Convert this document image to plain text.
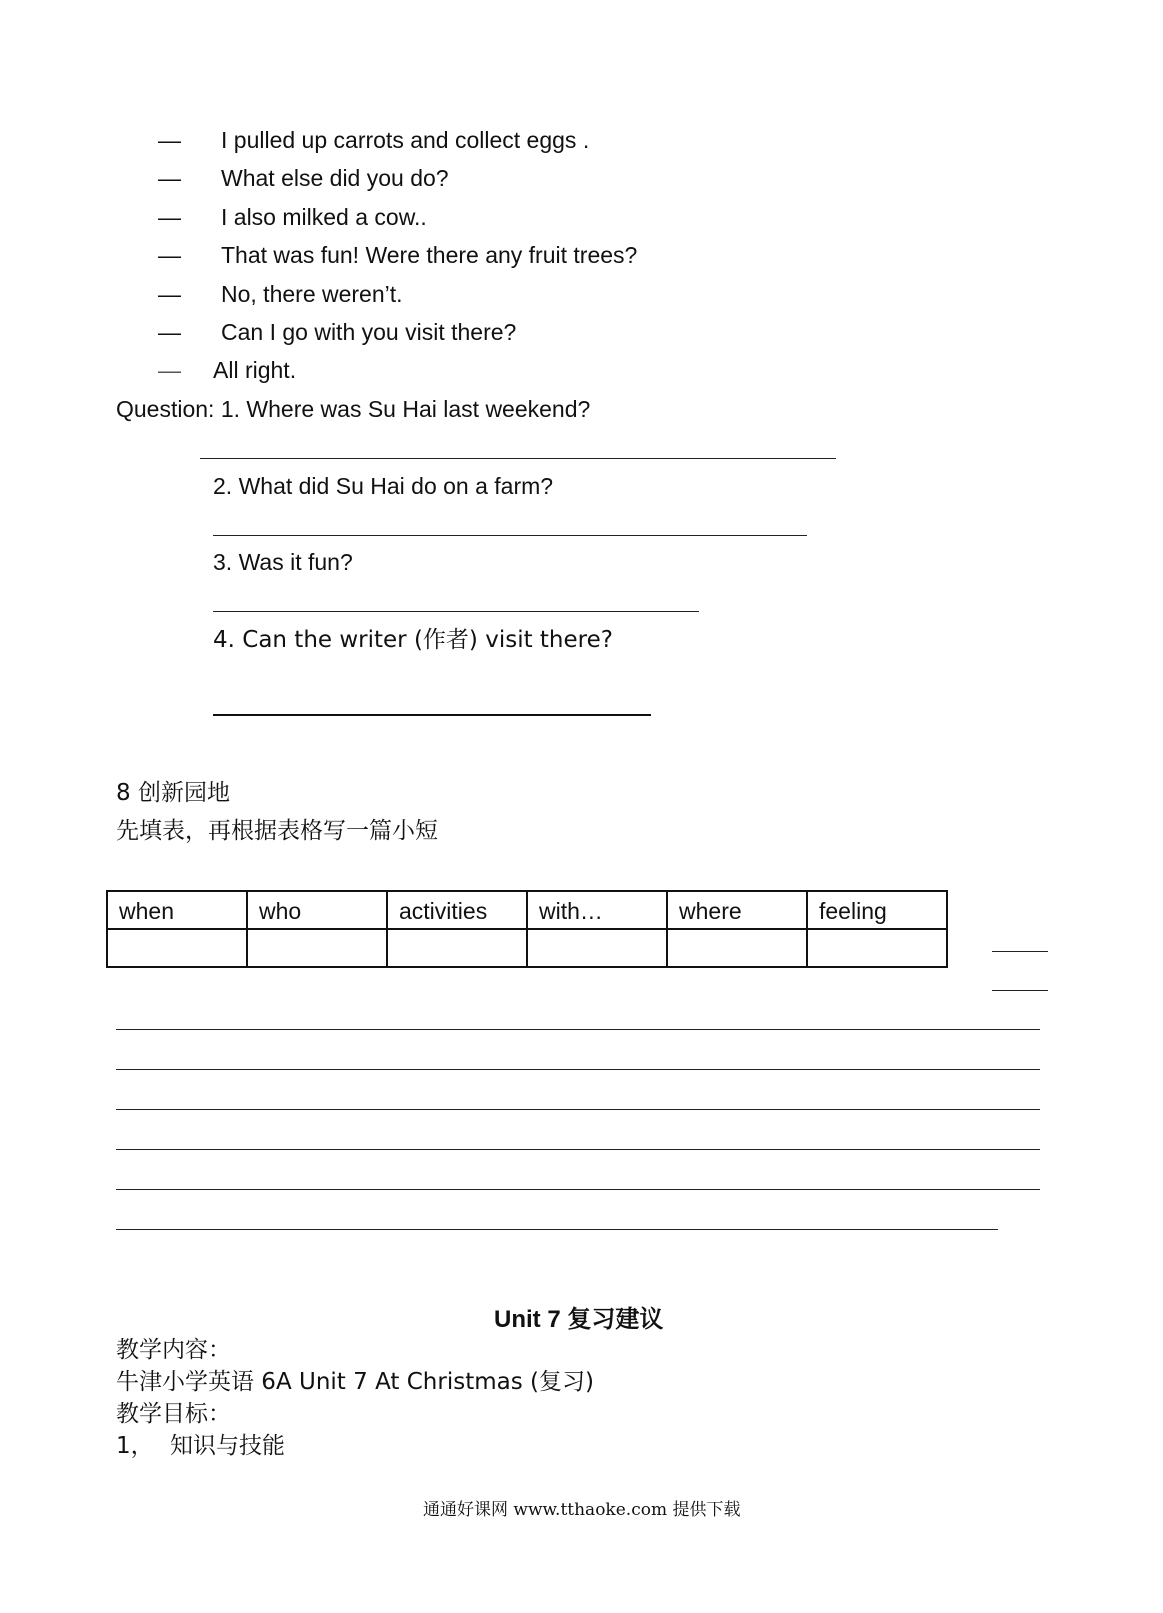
— I pulled up carrots and collect eggs .
— What else did you do?
— I also milked a cow..
— That was fun! Were there any fruit trees?
— No, there weren’t.
— Can I go with you visit there?
— All right.
Question: 1. Where was Su Hai last weekend?
2. What did Su Hai do on a farm?
3. Was it fun?
4. Can the writer (作者) visit there?
8 创新园地
先填表，再根据表格写一篇小短
when	who	activities	with…	where	feeling

Unit 7 复习建议
教学内容：
牛津小学英语 6A Unit 7 At Christmas (复习)
教学目标：
1， 知识与技能
通通好课网 www.tthaoke.com 提供下载
